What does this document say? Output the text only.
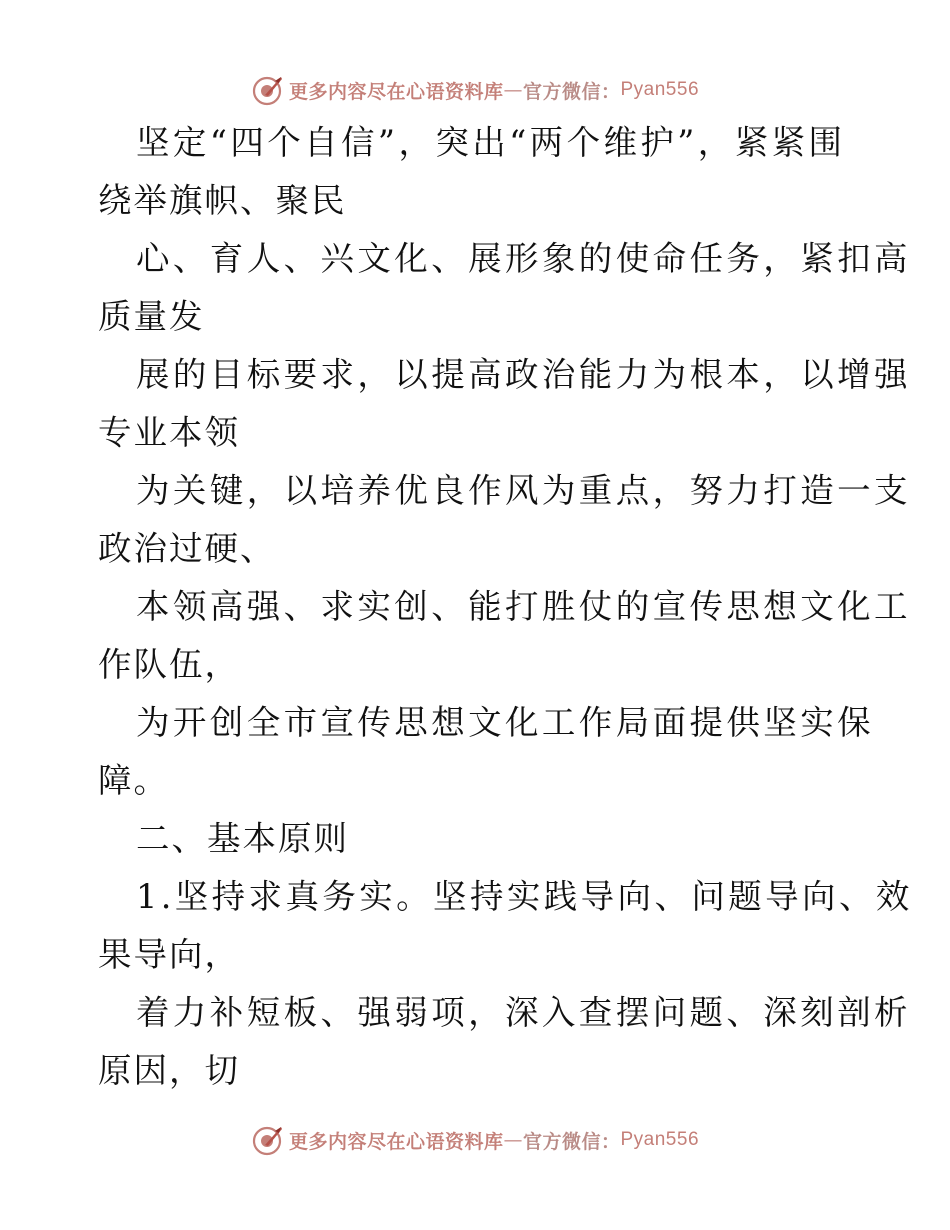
更多内容尽在心语资料库 — 官方微信： Pyan556

坚定“四个自信”，突出“两个维护”，紧紧围
绕举旗帜、聚民

心、育人、兴文化、展形象的使命任务，紧扣高
质量发

展的目标要求，以提高政治能力为根本，以增强
专业本领

为关键，以培养优良作风为重点，努力打造一支
政治过硬、

本领高强、求实创、能打胜仗的宣传思想文化工
作队伍，

为开创全市宣传思想文化工作局面提供坚实保
障。

二、基本原则

1.坚持求真务实。坚持实践导向、问题导向、效
果导向，

着力补短板、强弱项，深入查摆问题、深刻剖析
原因，切

更多内容尽在心语资料库 — 官方微信： Pyan556
